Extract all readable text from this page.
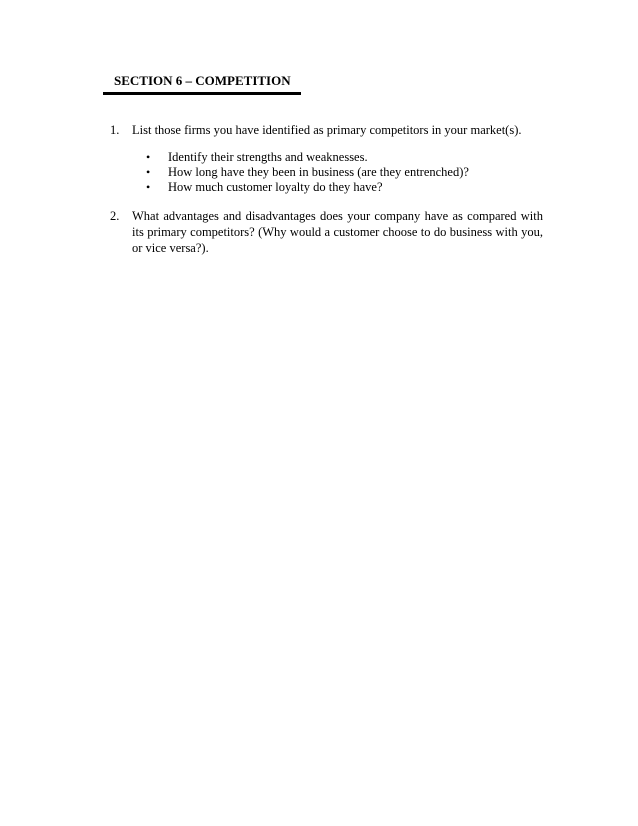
SECTION 6 – COMPETITION
1.	List those firms you have identified as primary competitors in your market(s).
• Identify their strengths and weaknesses.
• How long have they been in business (are they entrenched)?
• How much customer loyalty do they have?
2.	What advantages and disadvantages does your company have as compared with its primary competitors? (Why would a customer choose to do business with you, or vice versa?).
